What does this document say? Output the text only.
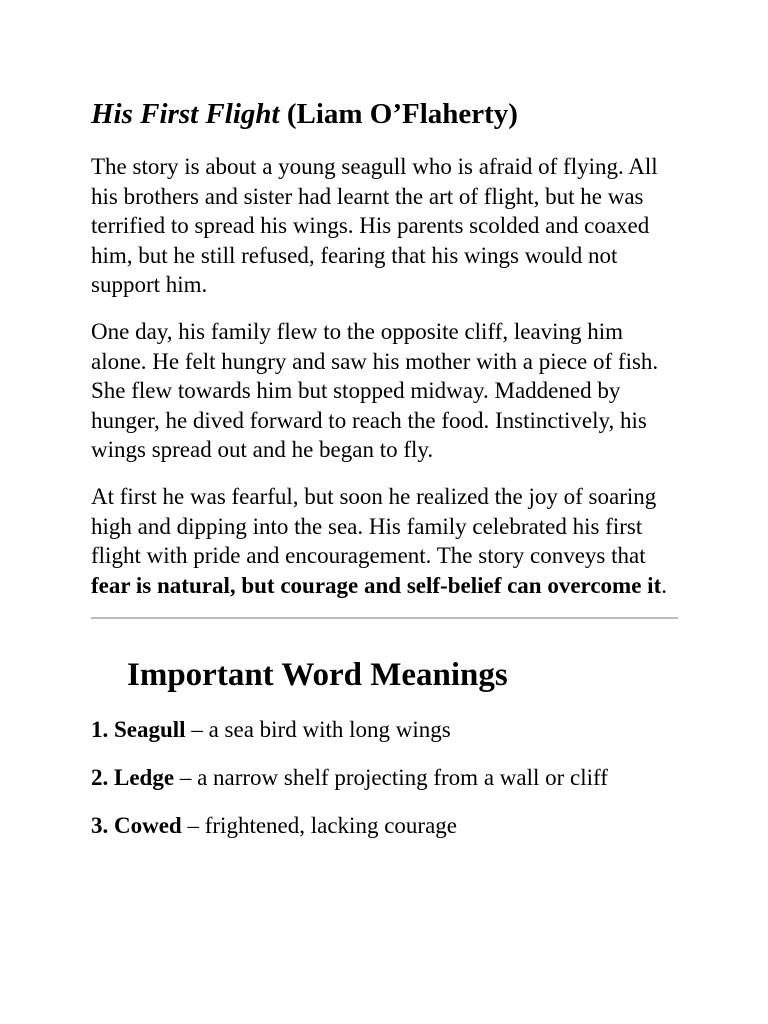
His First Flight (Liam O’Flaherty)

The story is about a young seagull who is afraid of flying. All his brothers and sister had learnt the art of flight, but he was terrified to spread his wings. His parents scolded and coaxed him, but he still refused, fearing that his wings would not support him.

One day, his family flew to the opposite cliff, leaving him alone. He felt hungry and saw his mother with a piece of fish. She flew towards him but stopped midway. Maddened by hunger, he dived forward to reach the food. Instinctively, his wings spread out and he began to fly.

At first he was fearful, but soon he realized the joy of soaring high and dipping into the sea. His family celebrated his first flight with pride and encouragement. The story conveys that fear is natural, but courage and self-belief can overcome it.

Important Word Meanings
1. Seagull – a sea bird with long wings
2. Ledge – a narrow shelf projecting from a wall or cliff
3. Cowed – frightened, lacking courage
